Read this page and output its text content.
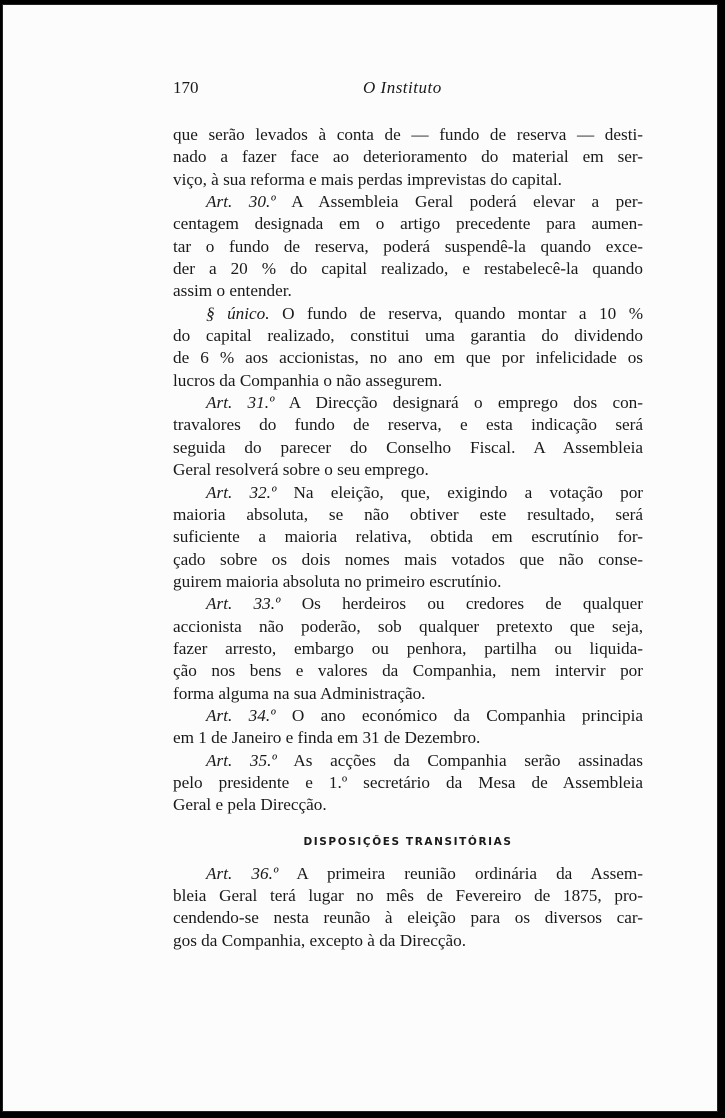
170	O Instituto

que serão levados à conta de — fundo de reserva — desti-

nado a fazer face ao deterioramento do material em ser-

viço, à sua reforma e mais perdas imprevistas do capital.

Art. 30.º A Assembleia Geral poderá elevar a per-

centagem designada em o artigo precedente para aumen-

tar o fundo de reserva, poderá suspendê-la quando exce-

der a 20 % do capital realizado, e restabelecê-la quando

assim o entender.

§ único. O fundo de reserva, quando montar a 10 %

do capital realizado, constitui uma garantia do dividendo

de 6 % aos accionistas, no ano em que por infelicidade os

lucros da Companhia o não assegurem.

Art. 31.º A Direcção designará o emprego dos con-

travalores do fundo de reserva, e esta indicação será

seguida do parecer do Conselho Fiscal. A Assembleia

Geral resolverá sobre o seu emprego.

Art. 32.º Na eleição, que, exigindo a votação por

maioria absoluta, se não obtiver este resultado, será

suficiente a maioria relativa, obtida em escrutínio for-

çado sobre os dois nomes mais votados que não conse-

guirem maioria absoluta no primeiro escrutínio.

Art. 33.º Os herdeiros ou credores de qualquer

accionista não poderão, sob qualquer pretexto que seja,

fazer arresto, embargo ou penhora, partilha ou liquida-

ção nos bens e valores da Companhia, nem intervir por

forma alguma na sua Administração.

Art. 34.º O ano económico da Companhia principia

em 1 de Janeiro e finda em 31 de Dezembro.

Art. 35.º As acções da Companhia serão assinadas

pelo presidente e 1.º secretário da Mesa de Assembleia

Geral e pela Direcção.

DISPOSIÇÕES TRANSITÓRIAS

Art. 36.º A primeira reunião ordinária da Assem-

bleia Geral terá lugar no mês de Fevereiro de 1875, pro-

cendendo-se nesta reunão à eleição para os diversos car-

gos da Companhia, excepto à da Direcção.
